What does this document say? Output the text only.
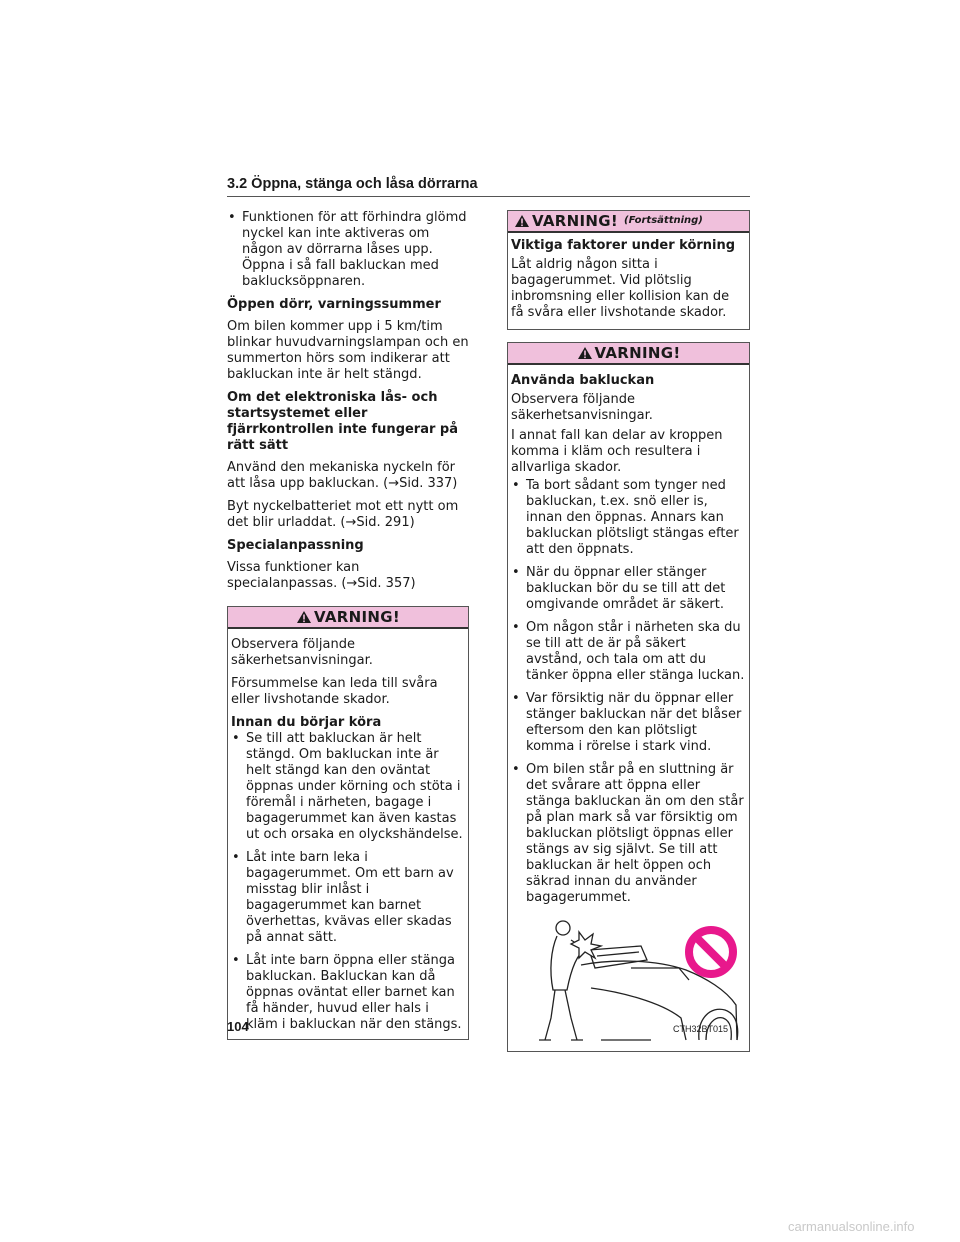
3.2 Öppna, stänga och låsa dörrarna
• Funktionen för att förhindra glömd nyckel kan inte aktiveras om någon av dörrarna låses upp. Öppna i så fall bakluckan med baklucksöppnaren.

Öppen dörr, varningssummer

Om bilen kommer upp i 5 km/tim blinkar huvudvarningslampan och en summerton hörs som indikerar att bakluckan inte är helt stängd.

Om det elektroniska lås- och startsystemet eller fjärrkontrollen inte fungerar på rätt sätt

Använd den mekaniska nyckeln för att låsa upp bakluckan. (→Sid. 337)

Byt nyckelbatteriet mot ett nytt om det blir urladdat. (→Sid. 291)

Specialanpassning

Vissa funktioner kan specialanpassas. (→Sid. 357)

VARNING!

Observera följande säkerhetsanvisningar.

Försummelse kan leda till svåra eller livshotande skador.

Innan du börjar köra

• Se till att bakluckan är helt stängd. Om bakluckan inte är helt stängd kan den oväntat öppnas under körning och stöta i föremål i närheten, bagage i bagagerummet kan även kastas ut och orsaka en olyckshändelse.
• Låt inte barn leka i bagagerummet. Om ett barn av misstag blir inlåst i bagagerummet kan barnet överhettas, kvävas eller skadas på annat sätt.
• Låt inte barn öppna eller stänga bakluckan. Bakluckan kan då öppnas oväntat eller barnet kan få händer, huvud eller hals i kläm i bakluckan när den stängs.
VARNING! (Fortsättning)

Viktiga faktorer under körning

Låt aldrig någon sitta i bagagerummet. Vid plötslig inbromsning eller kollision kan de få svåra eller livshotande skador.

VARNING!

Använda bakluckan

Observera följande säkerhetsanvisningar.

I annat fall kan delar av kroppen komma i kläm och resultera i allvarliga skador.

• Ta bort sådant som tynger ned bakluckan, t.ex. snö eller is, innan den öppnas. Annars kan bakluckan plötsligt stängas efter att den öppnats.
• När du öppnar eller stänger bakluckan bör du se till att det omgivande området är säkert.
• Om någon står i närheten ska du se till att de är på säkert avstånd, och tala om att du tänker öppna eller stänga luckan.
• Var försiktig när du öppnar eller stänger bakluckan när det blåser eftersom den kan plötsligt komma i rörelse i stark vind.
• Om bilen står på en sluttning är det svårare att öppna eller stänga bakluckan än om den står på plan mark så var försiktig om bakluckan plötsligt öppnas eller stängs av sig självt. Se till att bakluckan är helt öppen och säkrad innan du använder bagagerummet.
CTH32BT015
104
carmanualsonline.info
